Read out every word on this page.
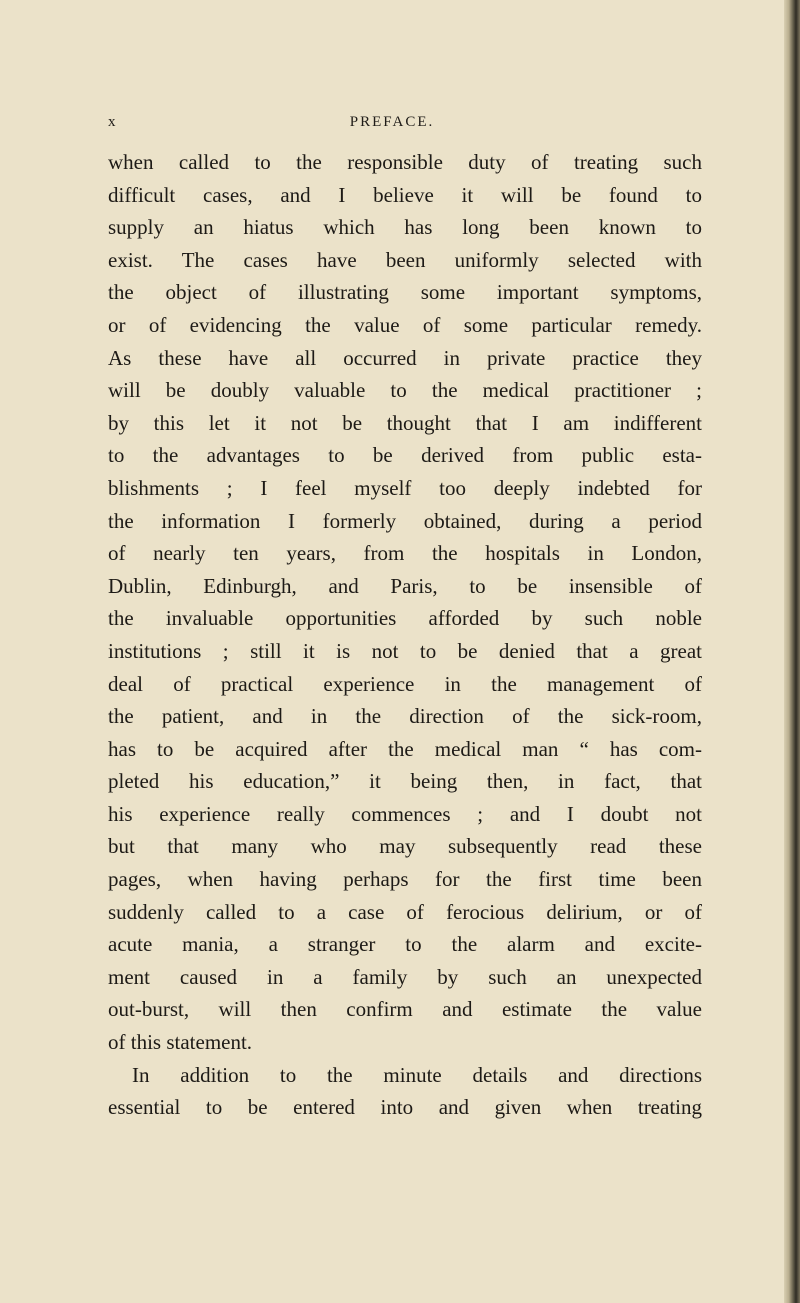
x	PREFACE.
when called to the responsible duty of treating such
difficult cases, and I believe it will be found to
supply an hiatus which has long been known to
exist. The cases have been uniformly selected with
the object of illustrating some important symptoms,
or of evidencing the value of some particular remedy.
As these have all occurred in private practice they
will be doubly valuable to the medical practitioner ;
by this let it not be thought that I am indifferent
to the advantages to be derived from public esta-
blishments ; I feel myself too deeply indebted for
the information I formerly obtained, during a period
of nearly ten years, from the hospitals in London,
Dublin, Edinburgh, and Paris, to be insensible of
the invaluable opportunities afforded by such noble
institutions ; still it is not to be denied that a great
deal of practical experience in the management of
the patient, and in the direction of the sick-room,
has to be acquired after the medical man “ has com-
pleted his education,” it being then, in fact, that
his experience really commences ; and I doubt not
but that many who may subsequently read these
pages, when having perhaps for the first time been
suddenly called to a case of ferocious delirium, or of
acute mania, a stranger to the alarm and excite-
ment caused in a family by such an unexpected
out-burst, will then confirm and estimate the value
of this statement.
In addition to the minute details and directions
essential to be entered into and given when treating
